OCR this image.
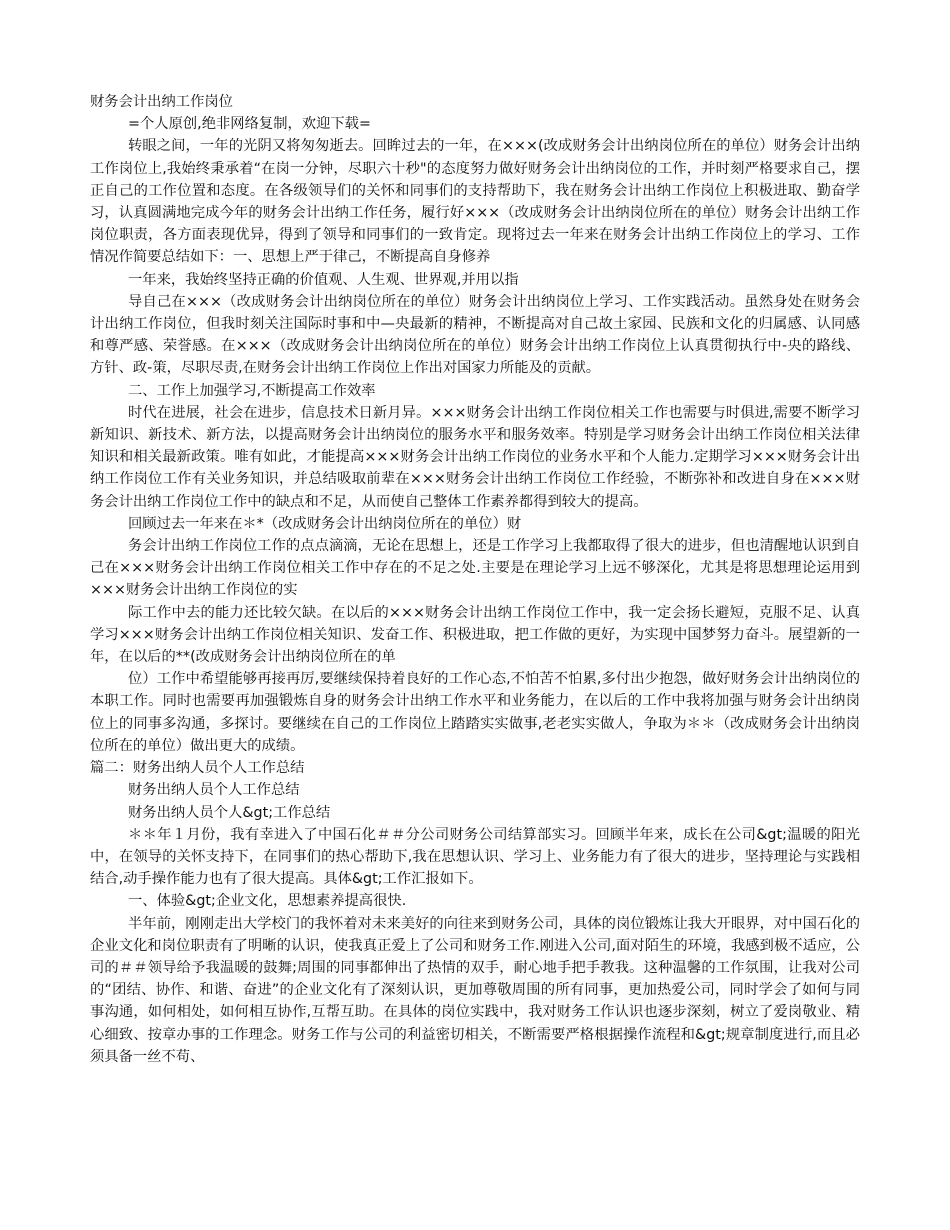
财务会计出纳工作岗位

=个人原创,绝非网络复制，欢迎下载=

转眼之间，一年的光阴又将匆匆逝去。回眸过去的一年，在×××(改成财务会计出纳岗位所在的单位）财务会计出纳工作岗位上,我始终秉承着“在岗一分钟，尽职六十秒"的态度努力做好财务会计出纳岗位的工作，并时刻严格要求自己，摆正自己的工作位置和态度。在各级领导们的关怀和同事们的支持帮助下，我在财务会计出纳工作岗位上积极进取、勤奋学习，认真圆满地完成今年的财务会计出纳工作任务，履行好×××（改成财务会计出纳岗位所在的单位）财务会计出纳工作岗位职责，各方面表现优异，得到了领导和同事们的一致肯定。现将过去一年来在财务会计出纳工作岗位上的学习、工作情况作简要总结如下：一、思想上严于律己，不断提高自身修养

一年来，我始终坚持正确的价值观、人生观、世界观,并用以指

导自己在×××（改成财务会计出纳岗位所在的单位）财务会计出纳岗位上学习、工作实践活动。虽然身处在财务会计出纳工作岗位，但我时刻关注国际时事和中—央最新的精神，不断提高对自己故土家园、民族和文化的归属感、认同感和尊严感、荣誉感。在×××（改成财务会计出纳岗位所在的单位）财务会计出纳工作岗位上认真贯彻执行中-央的路线、方针、政-策，尽职尽责,在财务会计出纳工作岗位上作出对国家力所能及的贡献。

二、工作上加强学习,不断提高工作效率

时代在进展，社会在进步，信息技术日新月异。×××财务会计出纳工作岗位相关工作也需要与时俱进,需要不断学习新知识、新技术、新方法，以提高财务会计出纳岗位的服务水平和服务效率。特别是学习财务会计出纳工作岗位相关法律知识和相关最新政策。唯有如此，才能提高×××财务会计出纳工作岗位的业务水平和个人能力.定期学习×××财务会计出纳工作岗位工作有关业务知识，并总结吸取前辈在×××财务会计出纳工作岗位工作经验，不断弥补和改进自身在×××财务会计出纳工作岗位工作中的缺点和不足，从而使自己整体工作素养都得到较大的提高。

回顾过去一年来在＊*（改成财务会计出纳岗位所在的单位）财

务会计出纳工作岗位工作的点点滴滴，无论在思想上，还是工作学习上我都取得了很大的进步，但也清醒地认识到自己在×××财务会计出纳工作岗位相关工作中存在的不足之处.主要是在理论学习上远不够深化，尤其是将思想理论运用到×××财务会计出纳工作岗位的实

际工作中去的能力还比较欠缺。在以后的×××财务会计出纳工作岗位工作中，我一定会扬长避短，克服不足、认真学习×××财务会计出纳工作岗位相关知识、发奋工作、积极进取，把工作做的更好，为实现中国梦努力奋斗。展望新的一年，在以后的**(改成财务会计出纳岗位所在的单

位）工作中希望能够再接再厉,要继续保持着良好的工作心态,不怕苦不怕累,多付出少抱怨，做好财务会计出纳岗位的本职工作。同时也需要再加强锻炼自身的财务会计出纳工作水平和业务能力，在以后的工作中我将加强与财务会计出纳岗位上的同事多沟通，多探讨。要继续在自己的工作岗位上踏踏实实做事,老老实实做人，争取为＊＊（改成财务会计出纳岗位所在的单位）做出更大的成绩。

篇二：财务出纳人员个人工作总结

财务出纳人员个人工作总结

财务出纳人员个人&gt;工作总结

＊＊年１月份，我有幸进入了中国石化＃＃分公司财务公司结算部实习。回顾半年来，成长在公司&gt;温暖的阳光中，在领导的关怀支持下，在同事们的热心帮助下,我在思想认识、学习上、业务能力有了很大的进步，坚持理论与实践相结合,动手操作能力也有了很大提高。具体&gt;工作汇报如下。

一、体验&gt;企业文化，思想素养提高很快.

半年前，刚刚走出大学校门的我怀着对未来美好的向往来到财务公司，具体的岗位锻炼让我大开眼界，对中国石化的企业文化和岗位职责有了明晰的认识，使我真正爱上了公司和财务工作.刚进入公司,面对陌生的环境，我感到极不适应，公司的＃＃领导给予我温暖的鼓舞;周围的同事都伸出了热情的双手，耐心地手把手教我。这种温馨的工作氛围，让我对公司的“团结、协作、和谐、奋进”的企业文化有了深刻认识，更加尊敬周围的所有同事，更加热爱公司，同时学会了如何与同事沟通，如何相处，如何相互协作,互帮互助。在具体的岗位实践中，我对财务工作认识也逐步深刻，树立了爱岗敬业、精心细致、按章办事的工作理念。财务工作与公司的利益密切相关，不断需要严格根据操作流程和&gt;规章制度进行,而且必须具备一丝不苟、
